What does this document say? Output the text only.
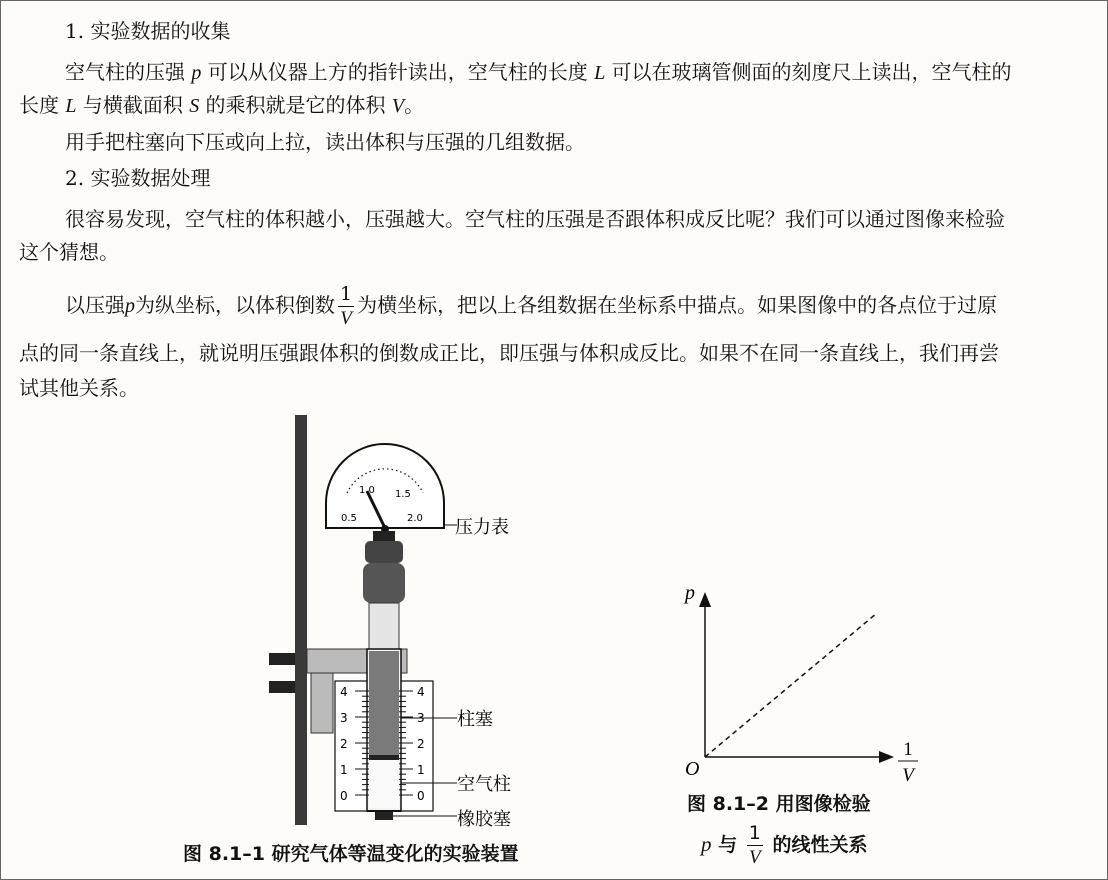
1. 实验数据的收集
空气柱的压强 p 可以从仪器上方的指针读出，空气柱的长度 L 可以在玻璃管侧面的刻度尺上读出，空气柱的
长度 L 与横截面积 S 的乘积就是它的体积 V。
用手把柱塞向下压或向上拉，读出体积与压强的几组数据。
2. 实验数据处理
很容易发现，空气柱的体积越小，压强越大。空气柱的压强是否跟体积成反比呢？我们可以通过图像来检验
这个猜想。
以压强p为纵坐标，以体积倒数 $\frac{1}{V}$ 为横坐标，把以上各组数据在坐标系中描点。如果图像中的各点位于过原
点的同一条直线上，就说明压强跟体积的倒数成正比，即压强与体积成反比。如果不在同一条直线上，我们再尝
试其他关系。
0.5
1.0 1.5
2.0
4	4
3	3
2	2
1	1
0	0
压力表
柱塞
空气柱
橡胶塞
图 8.1–1 研究气体等温变化的实验装置
p
O
1
V
图 8.1–2 用图像检验
p 与 $\frac{1}{V}$ 的线性关系
